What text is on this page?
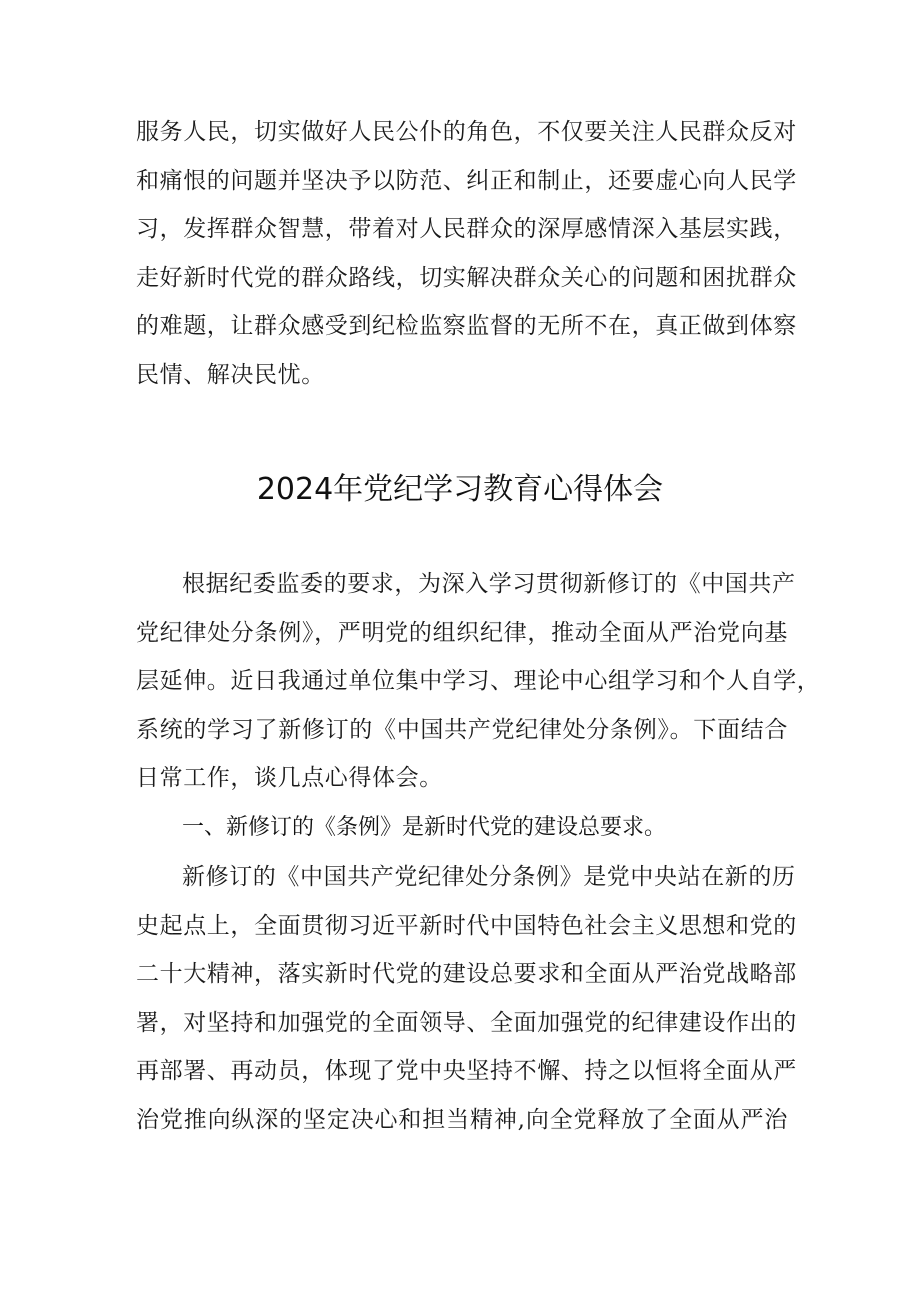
服务人民，切实做好人民公仆的角色，不仅要关注人民群众反对
和痛恨的问题并坚决予以防范、纠正和制止，还要虚心向人民学
习，发挥群众智慧，带着对人民群众的深厚感情深入基层实践，
走好新时代党的群众路线，切实解决群众关心的问题和困扰群众
的难题，让群众感受到纪检监察监督的无所不在，真正做到体察
民情、解决民忧。
2024年党纪学习教育心得体会
根据纪委监委的要求，为深入学习贯彻新修订的《中国共产
党纪律处分条例》，严明党的组织纪律，推动全面从严治党向基
层延伸。近日我通过单位集中学习、理论中心组学习和个人自学，
系统的学习了新修订的《中国共产党纪律处分条例》。下面结合
日常工作，谈几点心得体会。
一、新修订的《条例》是新时代党的建设总要求。
新修订的《中国共产党纪律处分条例》是党中央站在新的历
史起点上，全面贯彻习近平新时代中国特色社会主义思想和党的
二十大精神，落实新时代党的建设总要求和全面从严治党战略部
署，对坚持和加强党的全面领导、全面加强党的纪律建设作出的
再部署、再动员，体现了党中央坚持不懈、持之以恒将全面从严
治党推向纵深的坚定决心和担当精神,向全党释放了全面从严治
